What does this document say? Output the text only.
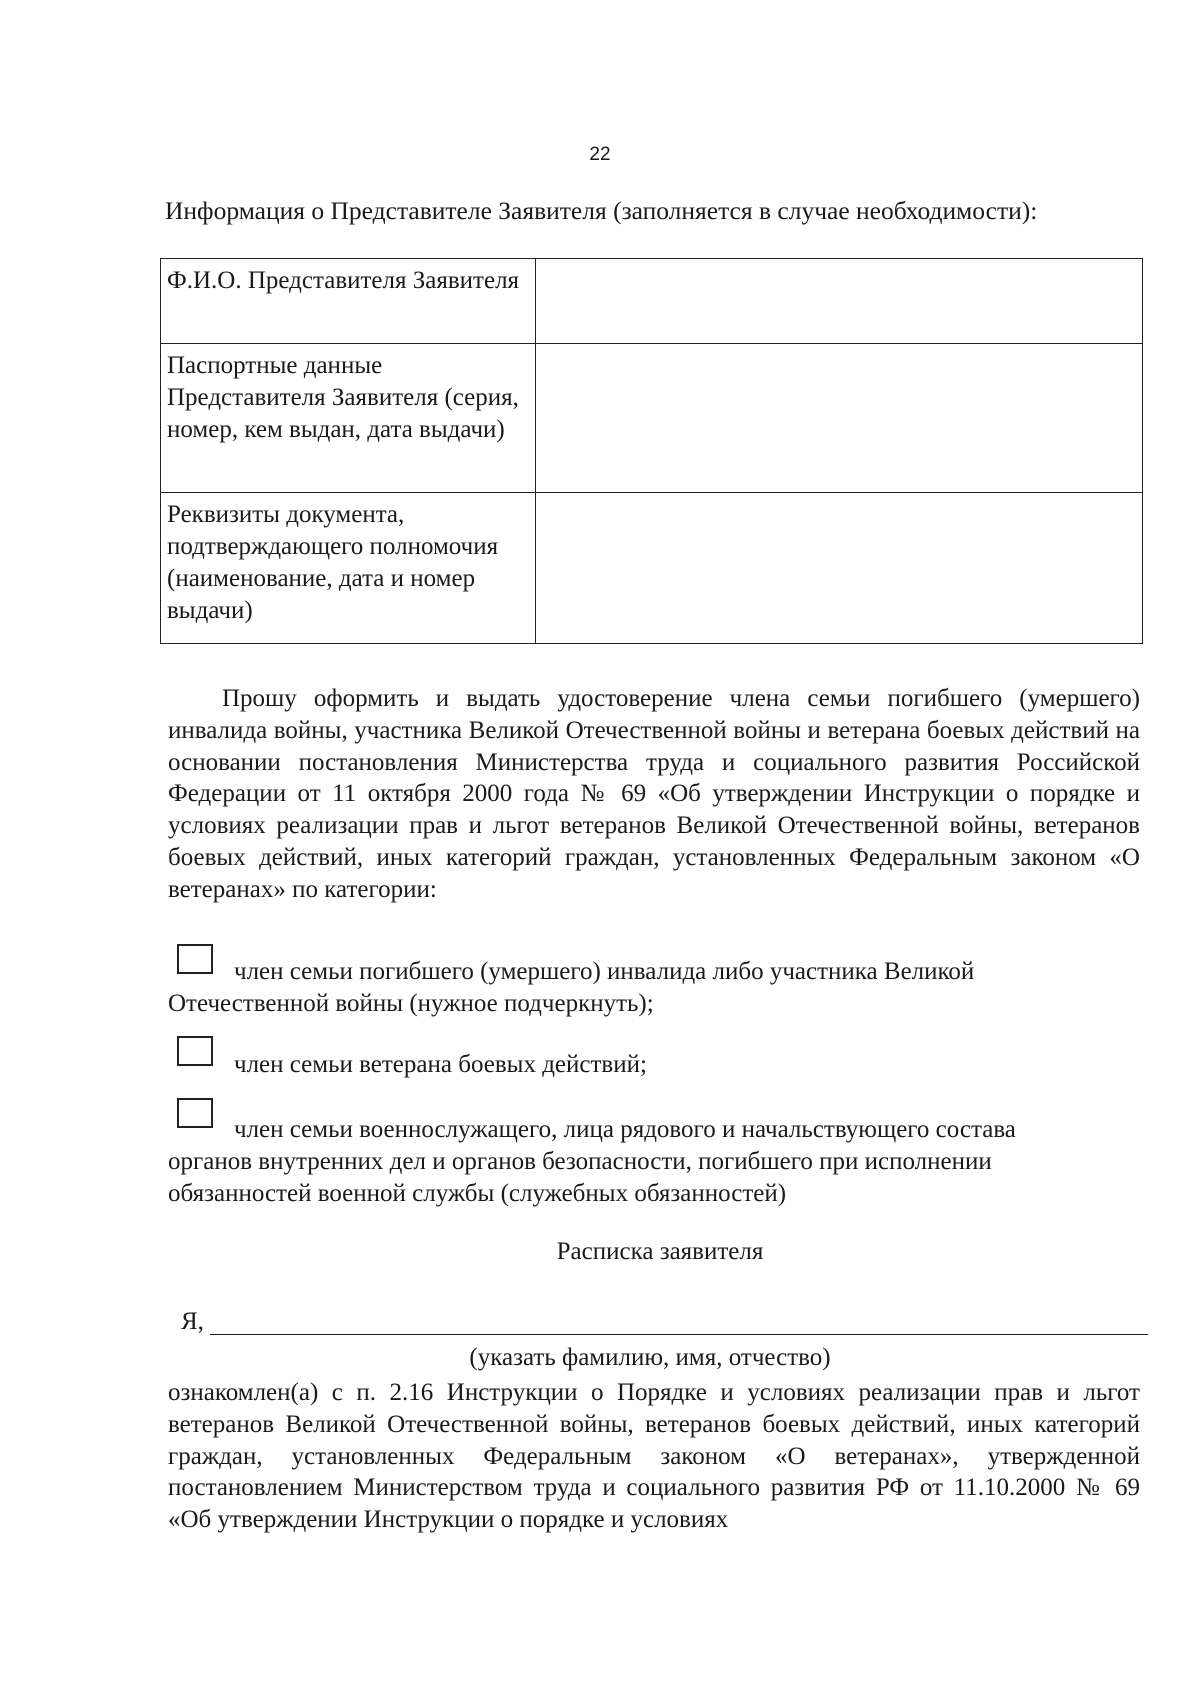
22
Информация о Представителе Заявителя (заполняется в случае необходимости):
Ф.И.О. Представителя Заявителя	
Паспортные данные Представителя Заявителя (серия, номер, кем выдан, дата выдачи)	
Реквизиты документа, подтверждающего полномочия (наименование, дата и номер выдачи)	
Прошу оформить и выдать удостоверение члена семьи погибшего (умершего) инвалида войны, участника Великой Отечественной войны и ветерана боевых действий на основании постановления Министерства труда и социального развития Российской Федерации от 11 октября 2000 года № 69 «Об утверждении Инструкции о порядке и условиях реализации прав и льгот ветеранов Великой Отечественной войны, ветеранов боевых действий, иных категорий граждан, установленных Федеральным законом «О ветеранах» по категории:
член семьи погибшего (умершего) инвалида либо участника Великой
Отечественной войны (нужное подчеркнуть);
член семьи ветерана боевых действий;
член семьи военнослужащего, лица рядового и начальствующего состава
органов внутренних дел и органов безопасности, погибшего при исполнении обязанностей военной службы (служебных обязанностей)
Расписка заявителя
Я,
(указать фамилию, имя, отчество)
ознакомлен(а) с п. 2.16 Инструкции о Порядке и условиях реализации прав и льгот ветеранов Великой Отечественной войны, ветеранов боевых действий, иных категорий граждан, установленных Федеральным законом «О ветеранах», утвержденной постановлением Министерством труда и социального развития РФ от 11.10.2000 № 69 «Об утверждении Инструкции о порядке и условиях
